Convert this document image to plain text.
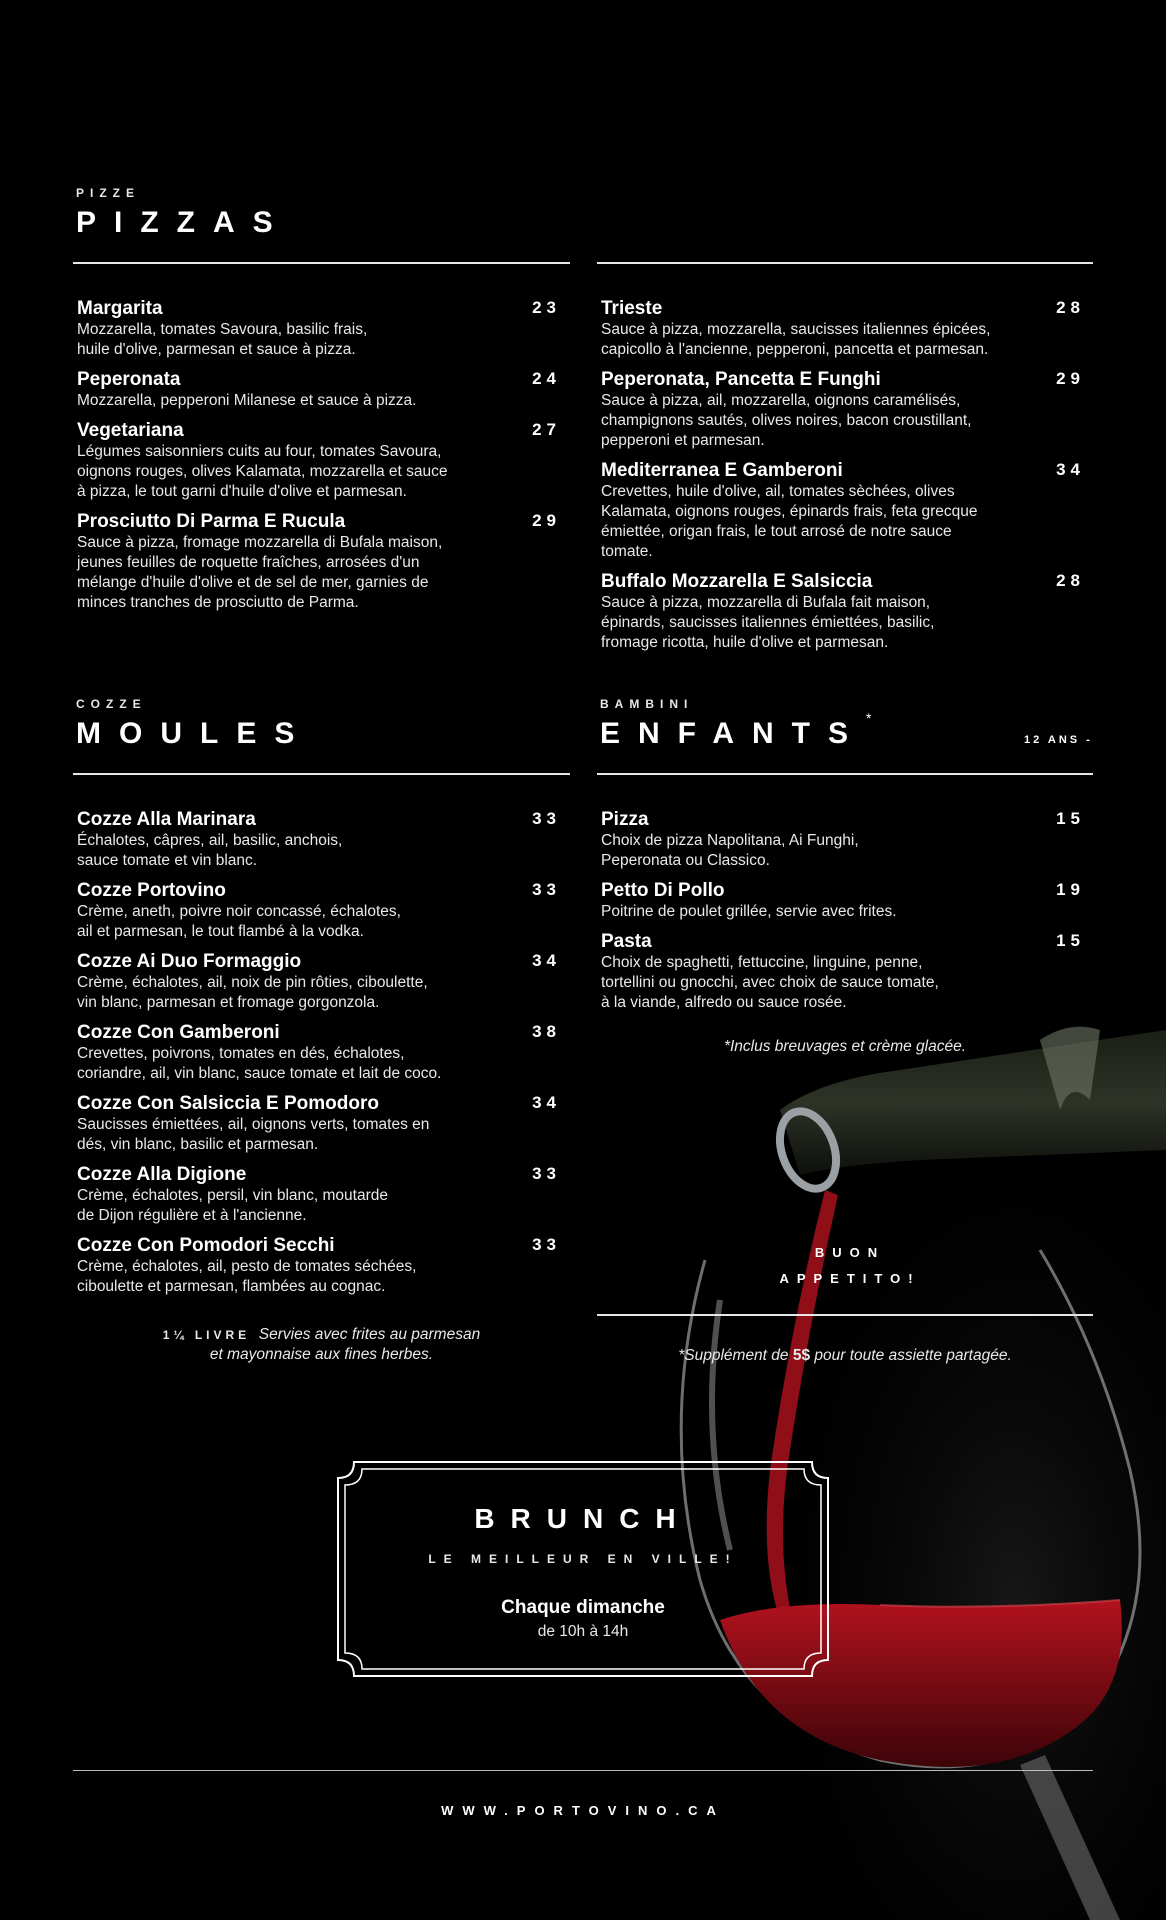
PIZZE
PIZZAS
Margarita	23
Mozzarella, tomates Savoura, basilic frais,
huile d'olive, parmesan et sauce à pizza.
Peperonata	24
Mozzarella, pepperoni Milanese et sauce à pizza.
Vegetariana	27
Légumes saisonniers cuits au four, tomates Savoura,
oignons rouges, olives Kalamata, mozzarella et sauce
à pizza, le tout garni d'huile d'olive et parmesan.
Prosciutto Di Parma E Rucula	29
Sauce à pizza, fromage mozzarella di Bufala maison,
jeunes feuilles de roquette fraîches, arrosées d'un
mélange d'huile d'olive et de sel de mer, garnies de
minces tranches de prosciutto de Parma.
Trieste	28
Sauce à pizza, mozzarella, saucisses italiennes épicées,
capicollo à l'ancienne, pepperoni, pancetta et parmesan.
Peperonata, Pancetta E Funghi	29
Sauce à pizza, ail, mozzarella, oignons caramélisés,
champignons sautés, olives noires, bacon croustillant,
pepperoni et parmesan.
Mediterranea E Gamberoni	34
Crevettes, huile d'olive, ail, tomates sèchées, olives
Kalamata, oignons rouges, épinards frais, feta grecque
émiettée, origan frais, le tout arrosé de notre sauce
tomate.
Buffalo Mozzarella E Salsiccia	28
Sauce à pizza, mozzarella di Bufala fait maison,
épinards, saucisses italiennes émiettées, basilic,
fromage ricotta, huile d'olive et parmesan.
COZZE
MOULES
Cozze Alla Marinara	33
Échalotes, câpres, ail, basilic, anchois,
sauce tomate et vin blanc.
Cozze Portovino	33
Crème, aneth, poivre noir concassé, échalotes,
ail et parmesan, le tout flambé à la vodka.
Cozze Ai Duo Formaggio	34
Crème, échalotes, ail, noix de pin rôties, ciboulette,
vin blanc, parmesan et fromage gorgonzola.
Cozze Con Gamberoni	38
Crevettes, poivrons, tomates en dés, échalotes,
coriandre, ail, vin blanc, sauce tomate et lait de coco.
Cozze Con Salsiccia E Pomodoro	34
Saucisses émiettées, ail, oignons verts, tomates en
dés, vin blanc, basilic et parmesan.
Cozze Alla Digione	33
Crème, échalotes, persil, vin blanc, moutarde
de Dijon régulière et à l'ancienne.
Cozze Con Pomodori Secchi	33
Crème, échalotes, ail, pesto de tomates séchées,
ciboulette et parmesan, flambées au cognac.
1¼ LIVRE Servies avec frites au parmesan
et mayonnaise aux fines herbes.
BAMBINI
ENFANTS *
12 ANS -
Pizza	15
Choix de pizza Napolitana, Ai Funghi,
Peperonata ou Classico.
Petto Di Pollo	19
Poitrine de poulet grillée, servie avec frites.
Pasta	15
Choix de spaghetti, fettuccine, linguine, penne,
tortellini ou gnocchi, avec choix de sauce tomate,
à la viande, alfredo ou sauce rosée.
*Inclus breuvages et crème glacée.
BUON
APPETITO!
*Supplément de 5$ pour toute assiette partagée.
BRUNCH
LE MEILLEUR EN VILLE!
Chaque dimanche
de 10h à 14h
WWW.PORTOVINO.CA
